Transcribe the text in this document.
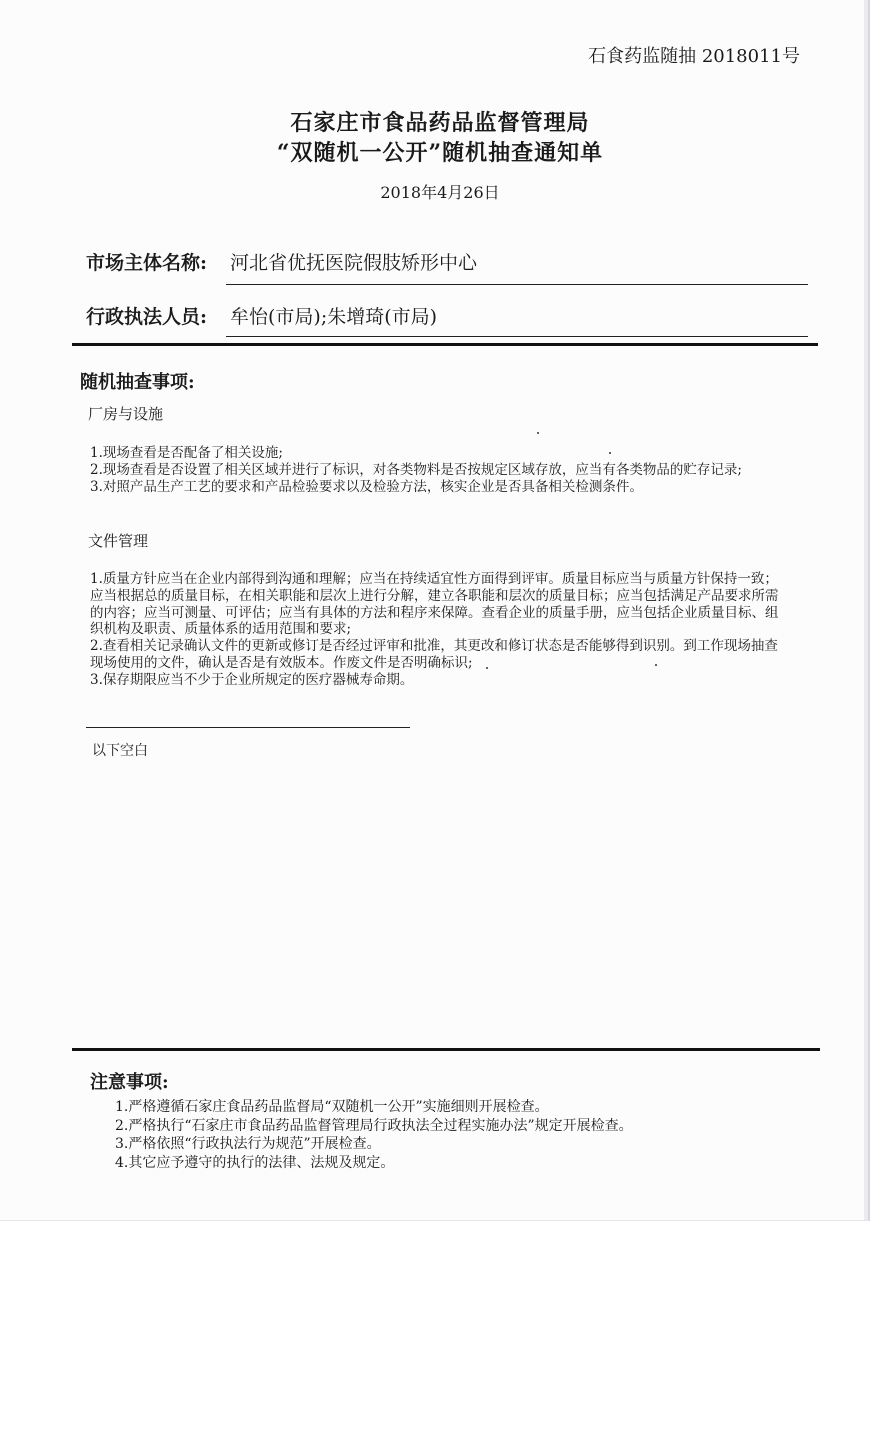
石食药监随抽 2018011号
石家庄市食品药品监督管理局
“双随机一公开”随机抽查通知单
2018年4月26日
市场主体名称: 河北省优抚医院假肢矫形中心
行政执法人员: 牟怡(市局);朱增琦(市局)
随机抽查事项:
厂房与设施

1.现场查看是否配备了相关设施;

2.现场查看是否设置了相关区域并进行了标识，对各类物料是否按规定区域存放，应当有各类物品的贮存记录;

3.对照产品生产工艺的要求和产品检验要求以及检验方法，核实企业是否具备相关检测条件。

文件管理

1.质量方针应当在企业内部得到沟通和理解；应当在持续适宜性方面得到评审。质量目标应当与质量方针保持一致；应当根据总的质量目标，在相关职能和层次上进行分解，建立各职能和层次的质量目标；应当包括满足产品要求所需的内容；应当可测量、可评估；应当有具体的方法和程序来保障。查看企业的质量手册，应当包括企业质量目标、组织机构及职责、质量体系的适用范围和要求;

2.查看相关记录确认文件的更新或修订是否经过评审和批准，其更改和修订状态是否能够得到识别。到工作现场抽查现场使用的文件，确认是否是有效版本。作废文件是否明确标识;

3.保存期限应当不少于企业所规定的医疗器械寿命期。

以下空白
注意事项:

1.严格遵循石家庄食品药品监督局“双随机一公开”实施细则开展检查。

2.严格执行“石家庄市食品药品监督管理局行政执法全过程实施办法”规定开展检查。

3.严格依照“行政执法行为规范”开展检查。

4.其它应予遵守的执行的法律、法规及规定。
